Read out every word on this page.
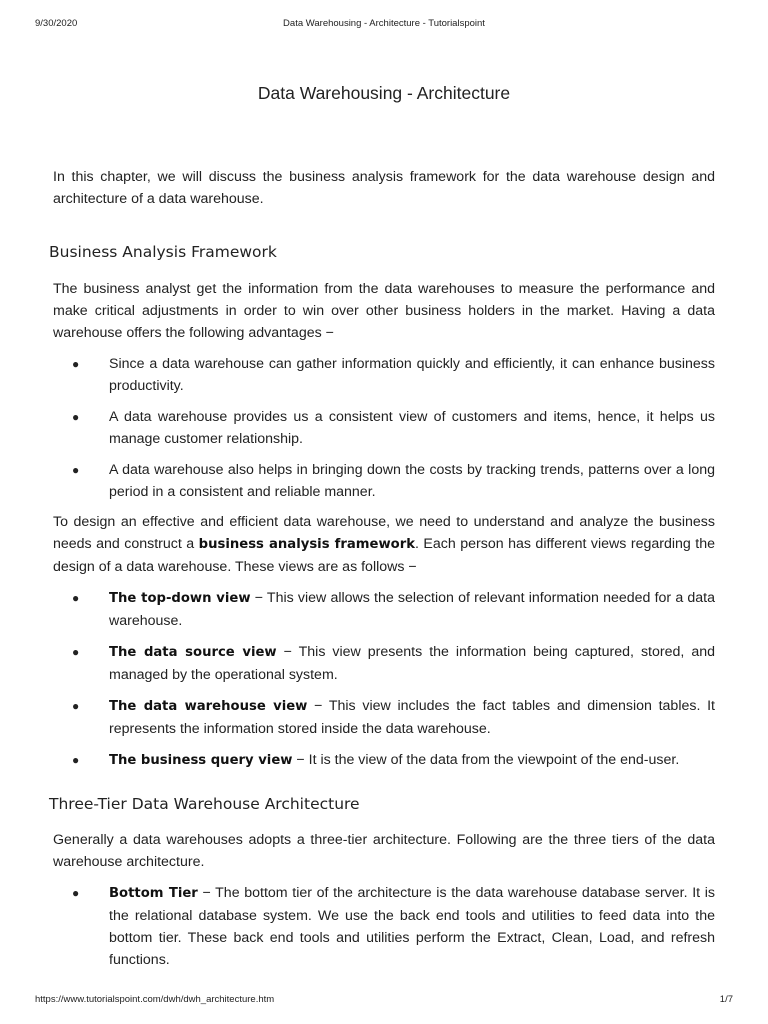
9/30/2020	Data Warehousing - Architecture - Tutorialspoint
Data Warehousing - Architecture

In this chapter, we will discuss the business analysis framework for the data warehouse design and architecture of a data warehouse.

Business Analysis Framework

The business analyst get the information from the data warehouses to measure the performance and make critical adjustments in order to win over other business holders in the market. Having a data warehouse offers the following advantages −

● Since a data warehouse can gather information quickly and efficiently, it can enhance business productivity.
● A data warehouse provides us a consistent view of customers and items, hence, it helps us manage customer relationship.
● A data warehouse also helps in bringing down the costs by tracking trends, patterns over a long period in a consistent and reliable manner.

To design an effective and efficient data warehouse, we need to understand and analyze the business needs and construct a business analysis framework. Each person has different views regarding the design of a data warehouse. These views are as follows −

● The top-down view − This view allows the selection of relevant information needed for a data warehouse.
● The data source view − This view presents the information being captured, stored, and managed by the operational system.
● The data warehouse view − This view includes the fact tables and dimension tables. It represents the information stored inside the data warehouse.
● The business query view − It is the view of the data from the viewpoint of the end-user.
Three-Tier Data Warehouse Architecture

Generally a data warehouses adopts a three-tier architecture. Following are the three tiers of the data warehouse architecture.

● Bottom Tier − The bottom tier of the architecture is the data warehouse database server. It is the relational database system. We use the back end tools and utilities to feed data into the bottom tier. These back end tools and utilities perform the Extract, Clean, Load, and refresh functions.
https://www.tutorialspoint.com/dwh/dwh_architecture.htm	1/7
